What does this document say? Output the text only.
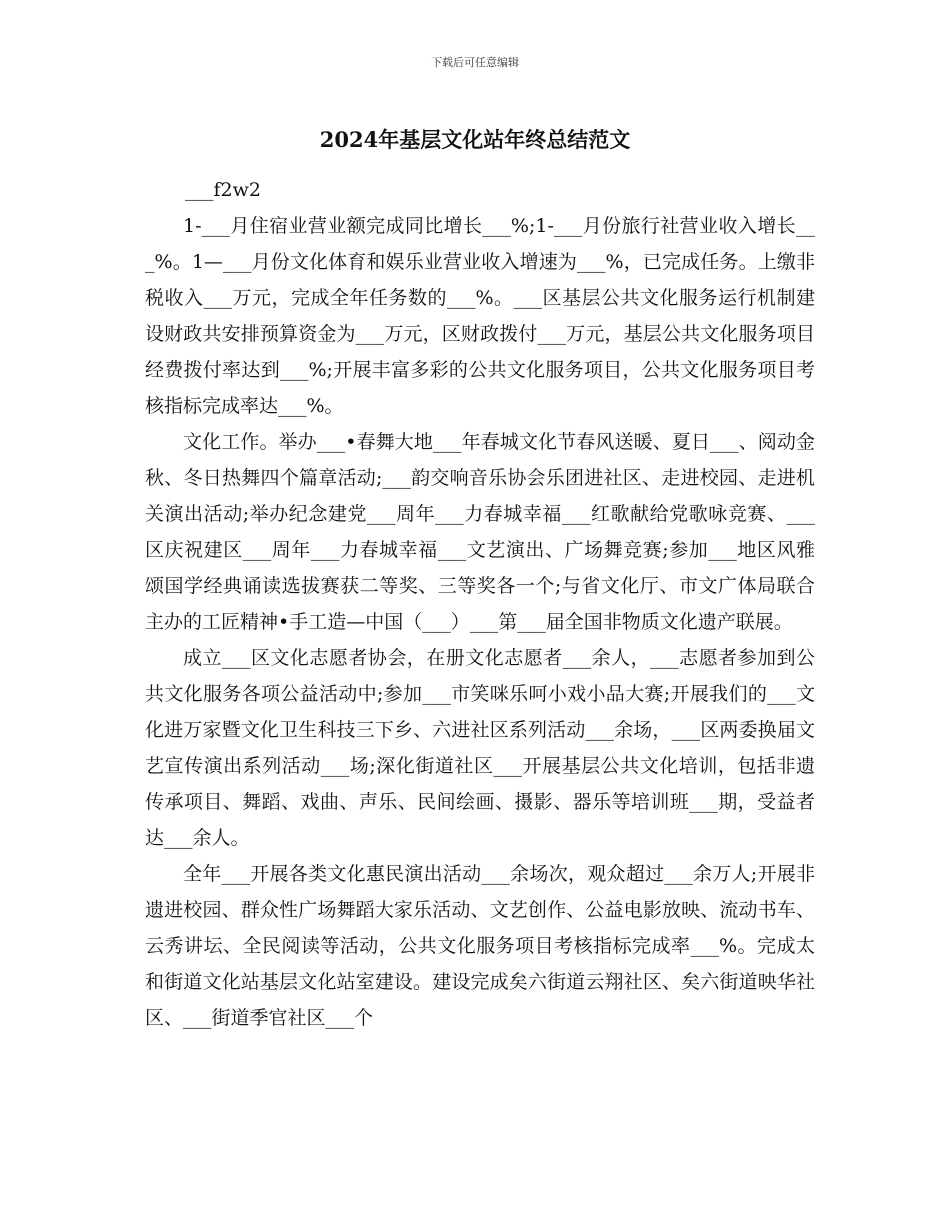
下载后可任意编辑
2024年基层文化站年终总结范文

___f2w2

1-___月住宿业营业额完成同比增长___%;1-___月份旅行社营业收入增长___%。1—___月份文化体育和娱乐业营业收入增速为___%，已完成任务。上缴非税收入___万元，完成全年任务数的___%。___区基层公共文化服务运行机制建设财政共安排预算资金为___万元，区财政拨付___万元，基层公共文化服务项目经费拨付率达到___%;开展丰富多彩的公共文化服务项目，公共文化服务项目考核指标完成率达___%。

文化工作。举办___•春舞大地___年春城文化节春风送暖、夏日___、阅动金秋、冬日热舞四个篇章活动;___韵交响音乐协会乐团进社区、走进校园、走进机关演出活动;举办纪念建党___周年___力春城幸福___红歌献给党歌咏竞赛、___区庆祝建区___周年___力春城幸福___文艺演出、广场舞竞赛;参加___地区风雅颂国学经典诵读选拔赛获二等奖、三等奖各一个;与省文化厅、市文广体局联合主办的工匠精神•手工造—中国（___）___第___届全国非物质文化遗产联展。

成立___区文化志愿者协会，在册文化志愿者___余人，___志愿者参加到公共文化服务各项公益活动中;参加___市笑咪乐呵小戏小品大赛;开展我们的___文化进万家暨文化卫生科技三下乡、六进社区系列活动___余场，___区两委换届文艺宣传演出系列活动___场;深化街道社区___开展基层公共文化培训，包括非遗传承项目、舞蹈、戏曲、声乐、民间绘画、摄影、器乐等培训班___期，受益者达___余人。

全年___开展各类文化惠民演出活动___余场次，观众超过___余万人;开展非遗进校园、群众性广场舞蹈大家乐活动、文艺创作、公益电影放映、流动书车、云秀讲坛、全民阅读等活动，公共文化服务项目考核指标完成率___%。完成太和街道文化站基层文化站室建设。建设完成矣六街道云翔社区、矣六街道映华社区、___街道季官社区___个
